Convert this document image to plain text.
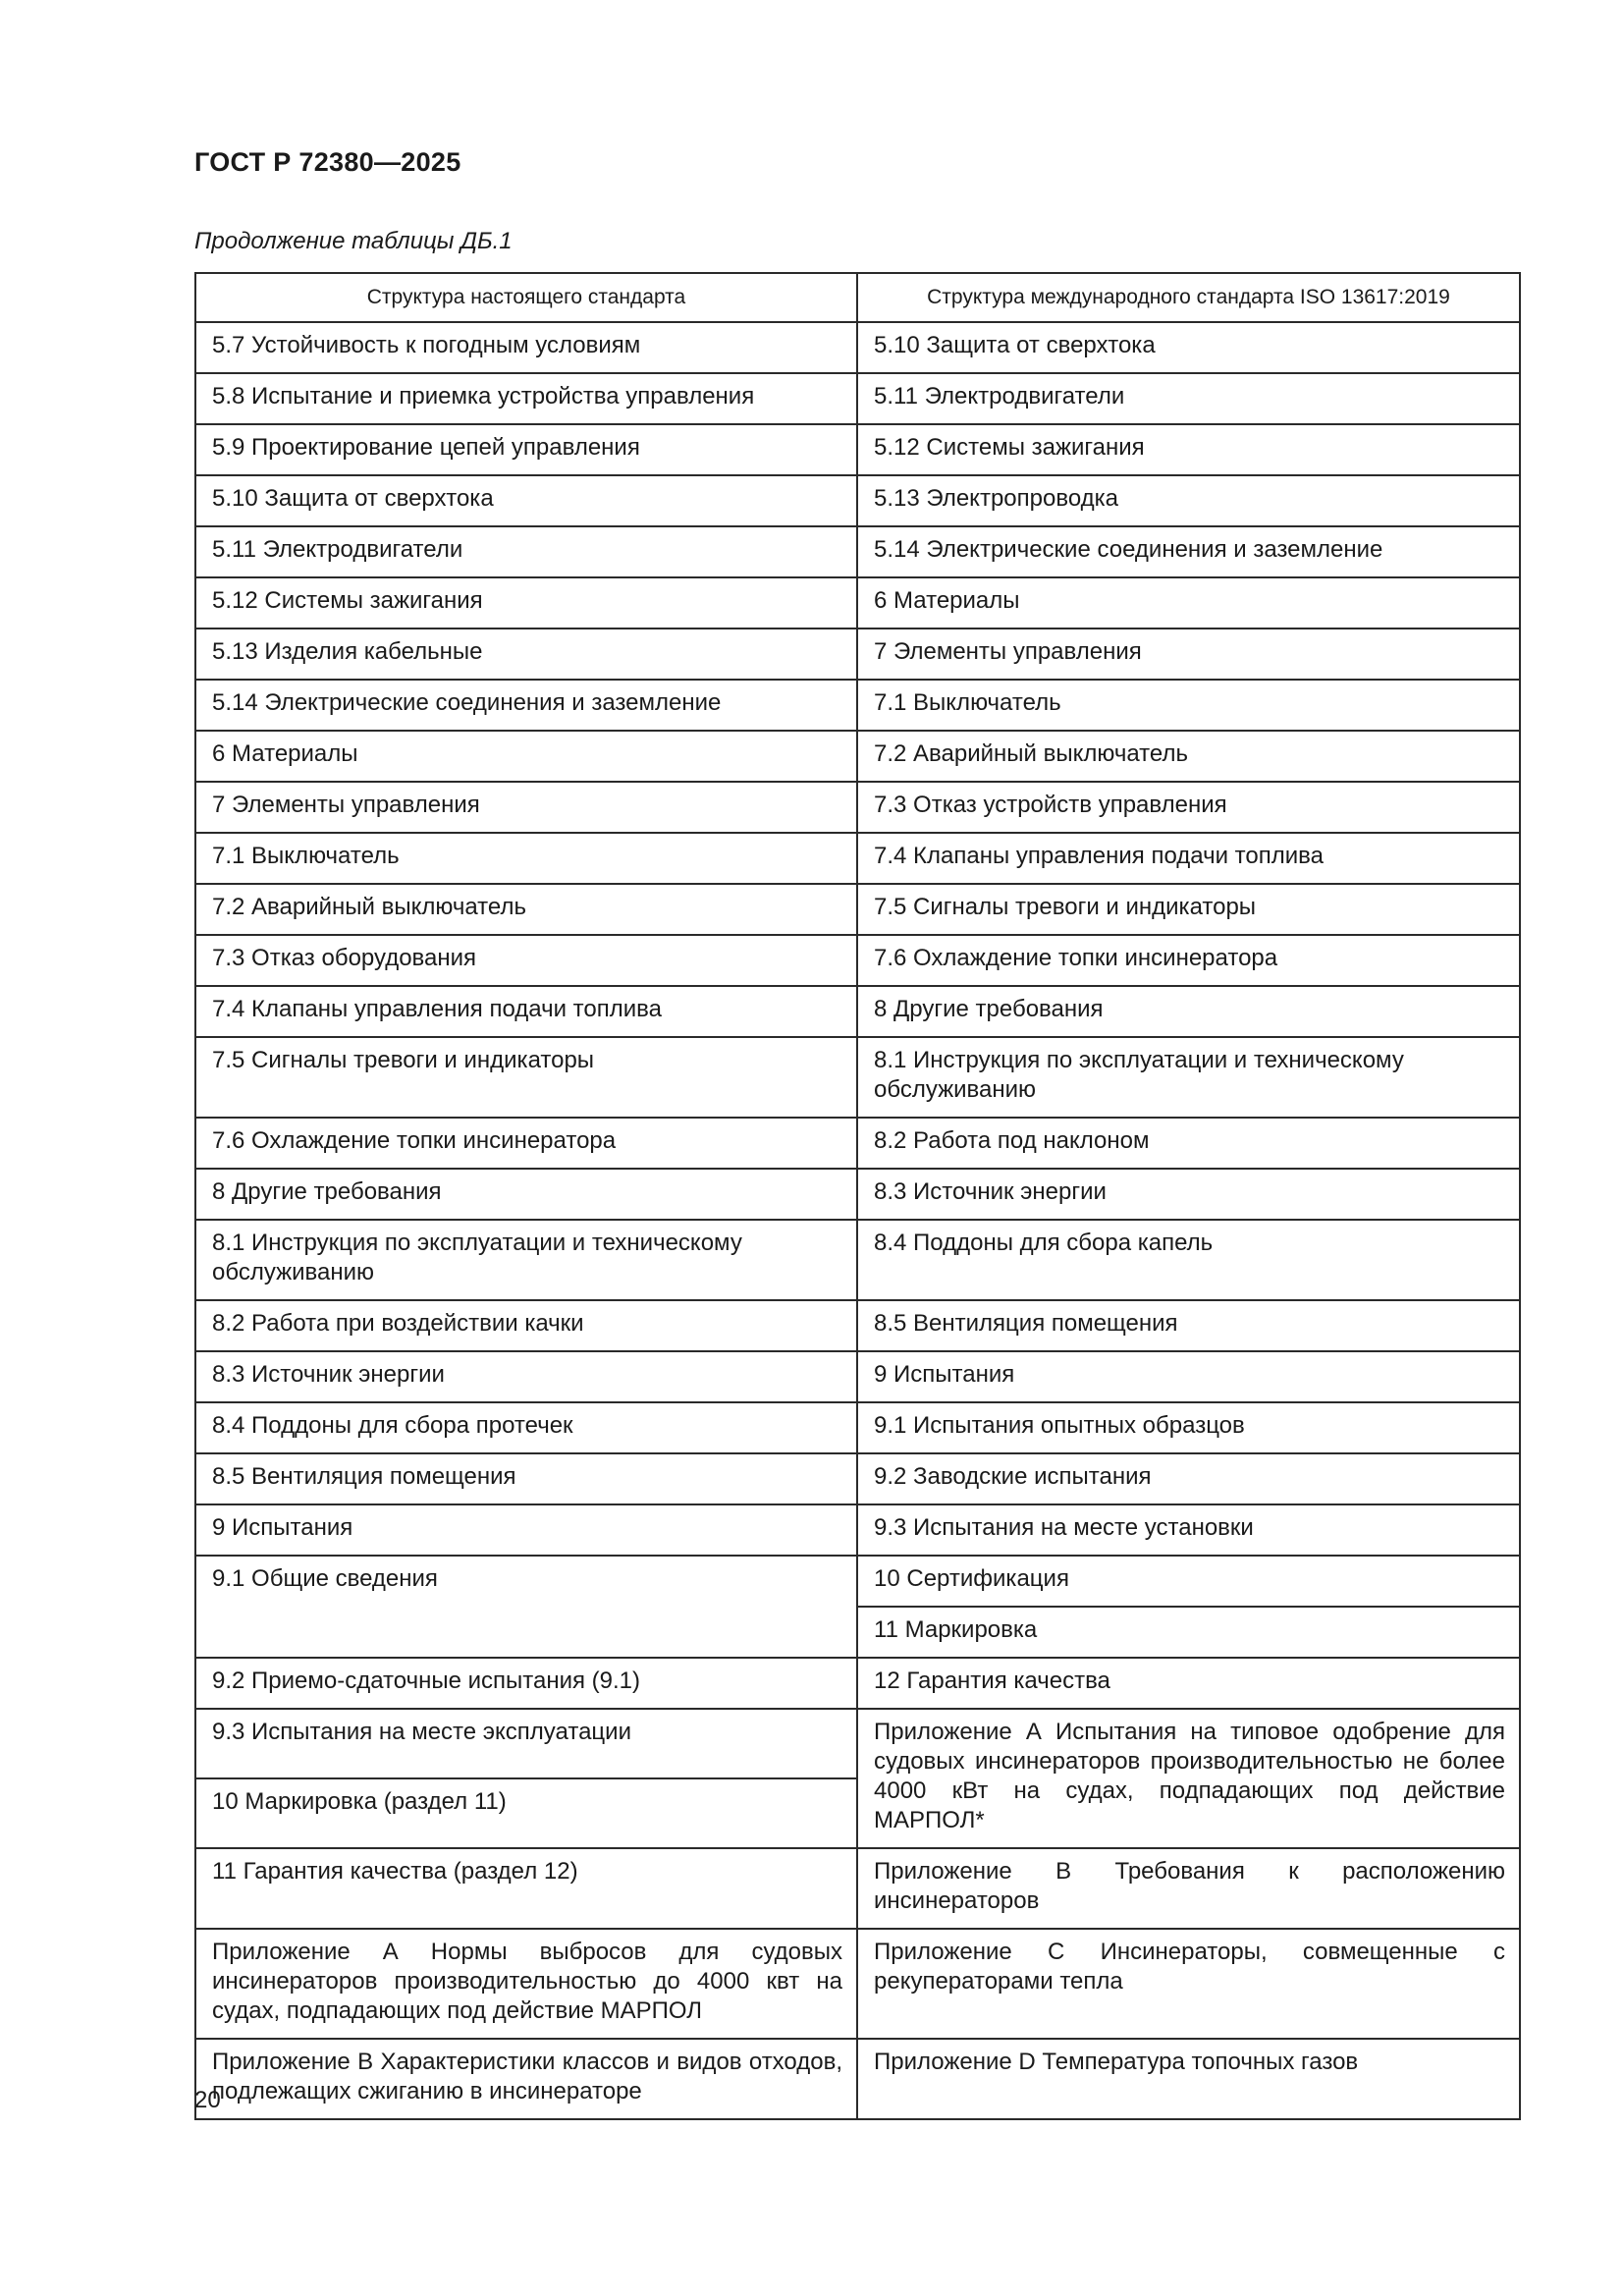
ГОСТ Р 72380—2025
Продолжение таблицы ДБ.1
Структура настоящего стандарта	Структура международного стандарта ISO 13617:2019
5.7 Устойчивость к погодным условиям	5.10 Защита от сверхтока
5.8 Испытание и приемка устройства управления	5.11 Электродвигатели
5.9 Проектирование цепей управления	5.12 Системы зажигания
5.10 Защита от сверхтока	5.13 Электропроводка
5.11 Электродвигатели	5.14 Электрические соединения и заземление
5.12 Системы зажигания	6 Материалы
5.13 Изделия кабельные	7 Элементы управления
5.14 Электрические соединения и заземление	7.1 Выключатель
6 Материалы	7.2 Аварийный выключатель
7 Элементы управления	7.3 Отказ устройств управления
7.1 Выключатель	7.4 Клапаны управления подачи топлива
7.2 Аварийный выключатель	7.5 Сигналы тревоги и индикаторы
7.3 Отказ оборудования	7.6 Охлаждение топки инсинератора
7.4 Клапаны управления подачи топлива	8 Другие требования
7.5 Сигналы тревоги и индикаторы	8.1 Инструкция по эксплуатации и техническому обслуживанию
7.6 Охлаждение топки инсинератора	8.2 Работа под наклоном
8 Другие требования	8.3 Источник энергии
8.1 Инструкция по эксплуатации и техническому обслуживанию	8.4 Поддоны для сбора капель
8.2 Работа при воздействии качки	8.5 Вентиляция помещения
8.3 Источник энергии	9 Испытания
8.4 Поддоны для сбора протечек	9.1 Испытания опытных образцов
8.5 Вентиляция помещения	9.2 Заводские испытания
9 Испытания	9.3 Испытания на месте установки
9.1 Общие сведения	10 Сертификация
	11 Маркировка
9.2 Приемо-сдаточные испытания (9.1)	12 Гарантия качества
9.3 Испытания на месте эксплуатации	Приложение А Испытания на типовое одобрение для судовых инсинераторов производительностью не более 4000 кВт на судах, подпадающих под действие МАРПОЛ*
10 Маркировка (раздел 11)	
11 Гарантия качества (раздел 12)	Приложение В Требования к расположению инсинераторов
Приложение А Нормы выбросов для судовых инсинераторов производительностью до 4000 квт на судах, подпадающих под действие МАРПОЛ	Приложение С Инсинераторы, совмещенные с рекуператорами тепла
Приложение В Характеристики классов и видов отходов, подлежащих сжиганию в инсинераторе	Приложение D Температура топочных газов
20
